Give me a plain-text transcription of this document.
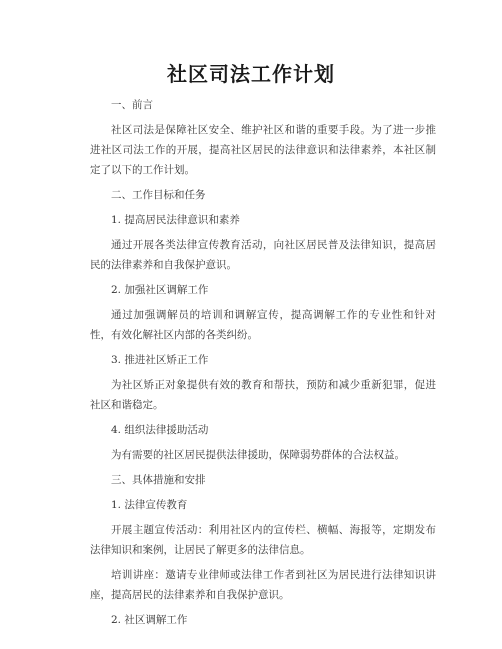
社区司法工作计划

一、前言

社区司法是保障社区安全、维护社区和谐的重要手段。为了进一步推进社区司法工作的开展，提高社区居民的法律意识和法律素养，本社区制定了以下的工作计划。

二、工作目标和任务

1. 提高居民法律意识和素养

通过开展各类法律宣传教育活动，向社区居民普及法律知识，提高居民的法律素养和自我保护意识。

2. 加强社区调解工作

通过加强调解员的培训和调解宣传，提高调解工作的专业性和针对性，有效化解社区内部的各类纠纷。

3. 推进社区矫正工作

为社区矫正对象提供有效的教育和帮扶，预防和减少重新犯罪，促进社区和谐稳定。

4. 组织法律援助活动

为有需要的社区居民提供法律援助，保障弱势群体的合法权益。

三、具体措施和安排

1. 法律宣传教育

开展主题宣传活动：利用社区内的宣传栏、横幅、海报等，定期发布法律知识和案例，让居民了解更多的法律信息。

培训讲座：邀请专业律师或法律工作者到社区为居民进行法律知识讲座，提高居民的法律素养和自我保护意识。

2. 社区调解工作
